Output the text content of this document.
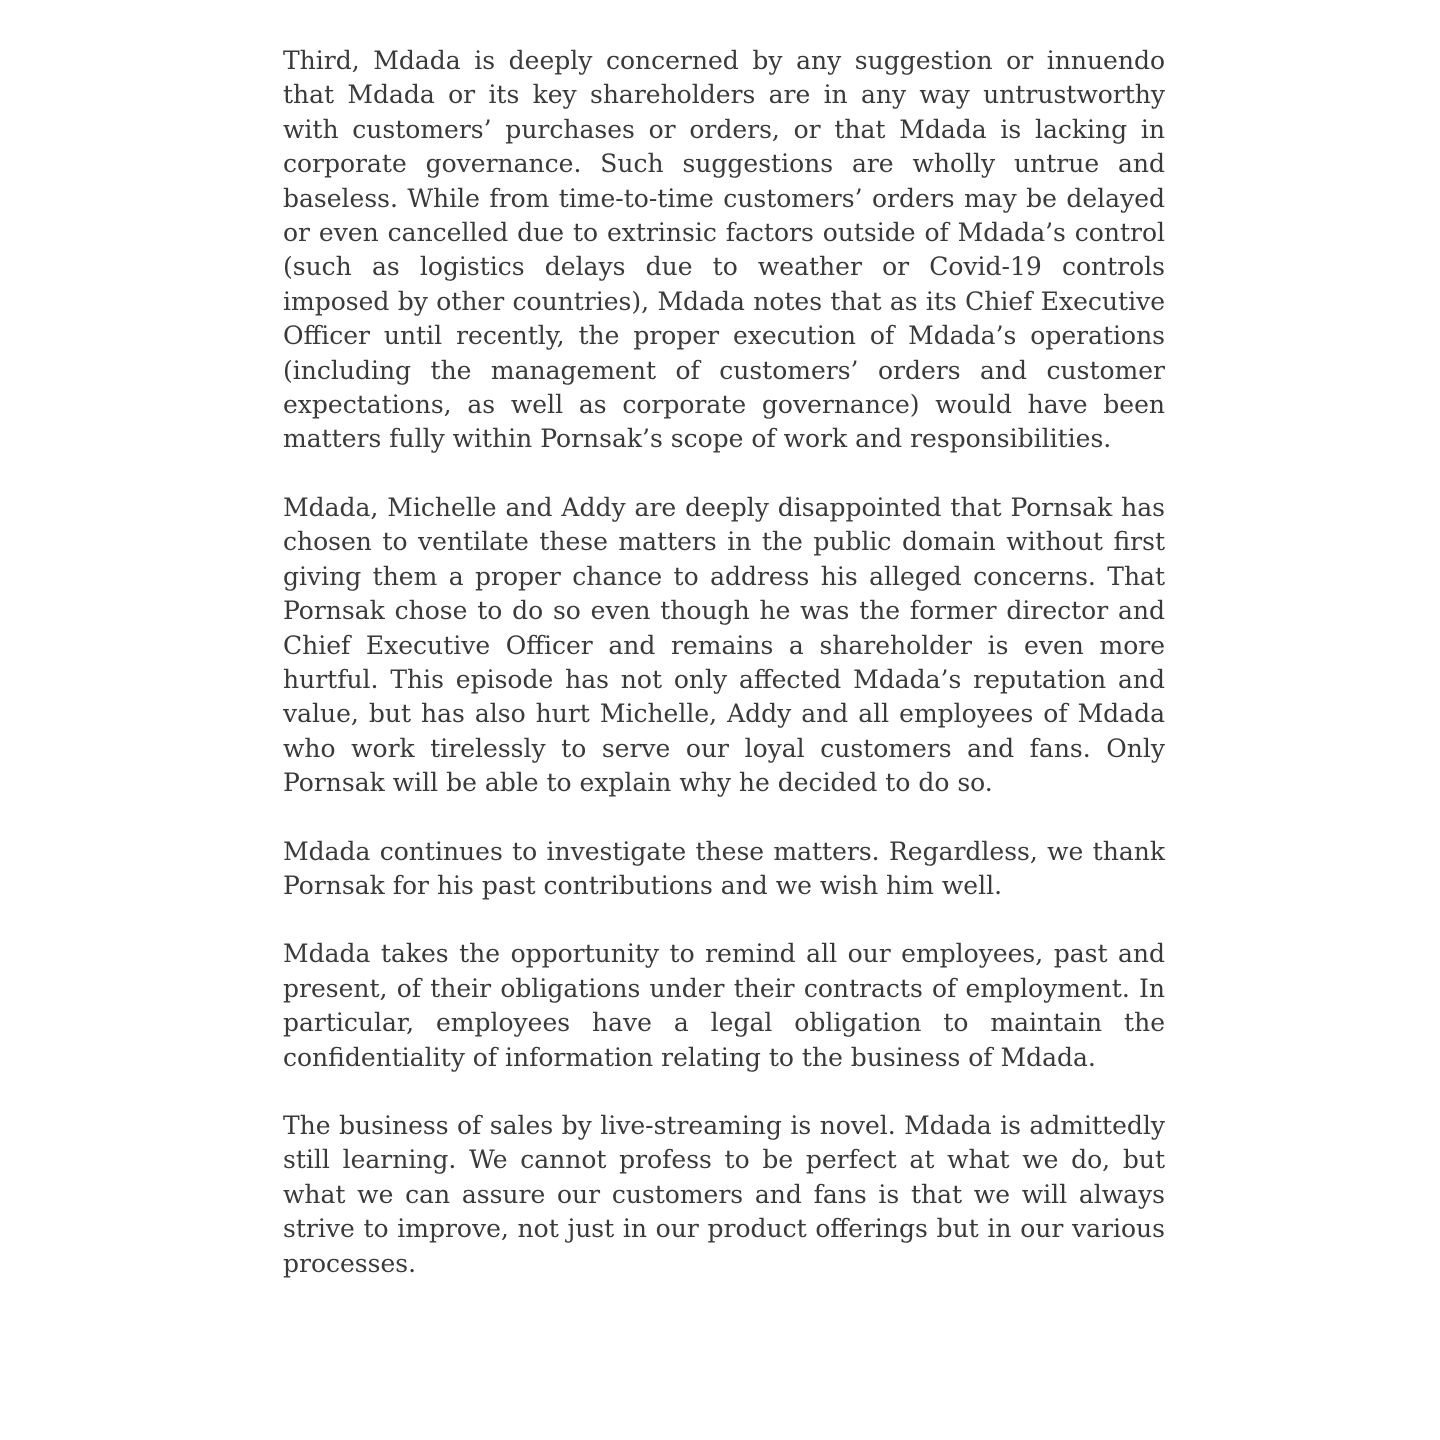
Third, Mdada is deeply concerned by any suggestion or innuendo that Mdada or its key shareholders are in any way untrustworthy with customers’ purchases or orders, or that Mdada is lacking in corporate governance. Such suggestions are wholly untrue and baseless. While from time-to-time customers’ orders may be delayed or even cancelled due to extrinsic factors outside of Mdada’s control (such as logistics delays due to weather or Covid-19 controls imposed by other countries), Mdada notes that as its Chief Executive Officer until recently, the proper execution of Mdada’s operations (including the management of customers’ orders and customer expectations, as well as corporate governance) would have been matters fully within Pornsak’s scope of work and responsibilities.

Mdada, Michelle and Addy are deeply disappointed that Pornsak has chosen to ventilate these matters in the public domain without first giving them a proper chance to address his alleged concerns. That Pornsak chose to do so even though he was the former director and Chief Executive Officer and remains a shareholder is even more hurtful. This episode has not only affected Mdada’s reputation and value, but has also hurt Michelle, Addy and all employees of Mdada who work tirelessly to serve our loyal customers and fans. Only Pornsak will be able to explain why he decided to do so.

Mdada continues to investigate these matters. Regardless, we thank Pornsak for his past contributions and we wish him well.

Mdada takes the opportunity to remind all our employees, past and present, of their obligations under their contracts of employment. In particular, employees have a legal obligation to maintain the confidentiality of information relating to the business of Mdada.

The business of sales by live-streaming is novel. Mdada is admittedly still learning. We cannot profess to be perfect at what we do, but what we can assure our customers and fans is that we will always strive to improve, not just in our product offerings but in our various processes.
